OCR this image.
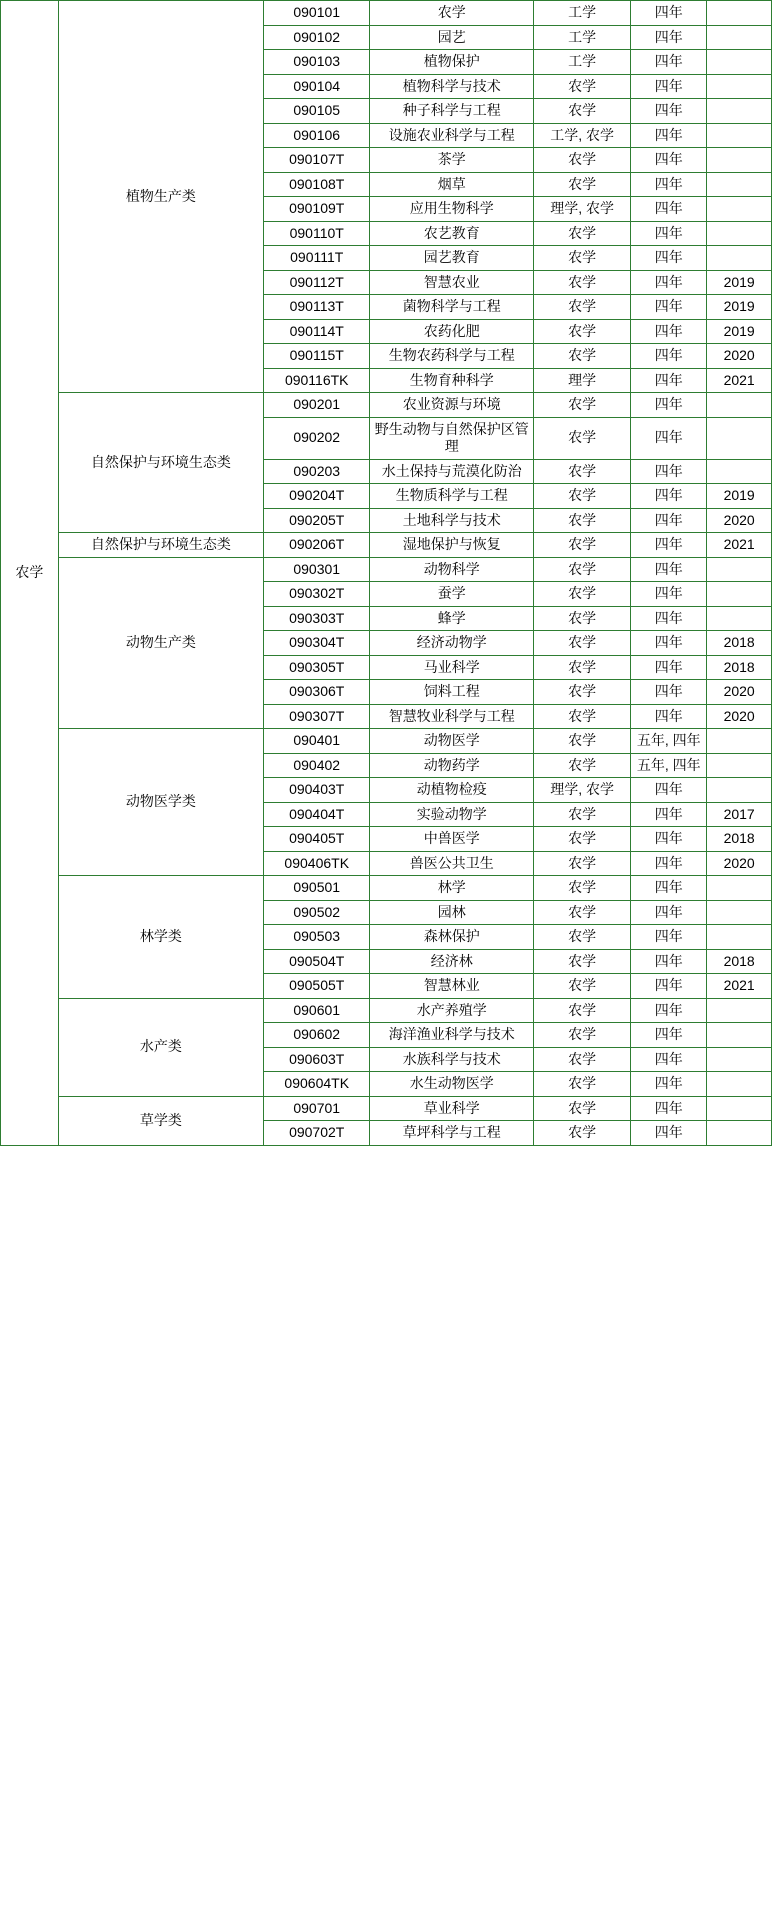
农学	植物生产类	090101	农学	工学	四年	
		090102	园艺	工学	四年	
		090103	植物保护	工学	四年	
		090104	植物科学与技术	农学	四年	
		090105	种子科学与工程	农学	四年	
		090106	设施农业科学与工程	工学, 农学	四年	
		090107T	茶学	农学	四年	
		090108T	烟草	农学	四年	
		090109T	应用生物科学	理学, 农学	四年	
		090110T	农艺教育	农学	四年	
		090111T	园艺教育	农学	四年	
		090112T	智慧农业	农学	四年	2019
		090113T	菌物科学与工程	农学	四年	2019
		090114T	农药化肥	农学	四年	2019
		090115T	生物农药科学与工程	农学	四年	2020
		090116TK	生物育种科学	理学	四年	2021
	自然保护与环境生态类	090201	农业资源与环境	农学	四年	
		090202	野生动物与自然保护区管理	农学	四年	
		090203	水土保持与荒漠化防治	农学	四年	
		090204T	生物质科学与工程	农学	四年	2019
		090205T	土地科学与技术	农学	四年	2020
	自然保护与环境生态类	090206T	湿地保护与恢复	农学	四年	2021
	动物生产类	090301	动物科学	农学	四年	
		090302T	蚕学	农学	四年	
		090303T	蜂学	农学	四年	
		090304T	经济动物学	农学	四年	2018
		090305T	马业科学	农学	四年	2018
		090306T	饲料工程	农学	四年	2020
		090307T	智慧牧业科学与工程	农学	四年	2020
	动物医学类	090401	动物医学	农学	五年, 四年	
		090402	动物药学	农学	五年, 四年	
		090403T	动植物检疫	理学, 农学	四年	
		090404T	实验动物学	农学	四年	2017
		090405T	中兽医学	农学	四年	2018
		090406TK	兽医公共卫生	农学	四年	2020
	林学类	090501	林学	农学	四年	
		090502	园林	农学	四年	
		090503	森林保护	农学	四年	
		090504T	经济林	农学	四年	2018
		090505T	智慧林业	农学	四年	2021
	水产类	090601	水产养殖学	农学	四年	
		090602	海洋渔业科学与技术	农学	四年	
		090603T	水族科学与技术	农学	四年	
		090604TK	水生动物医学	农学	四年	
	草学类	090701	草业科学	农学	四年	
		090702T	草坪科学与工程	农学	四年	
